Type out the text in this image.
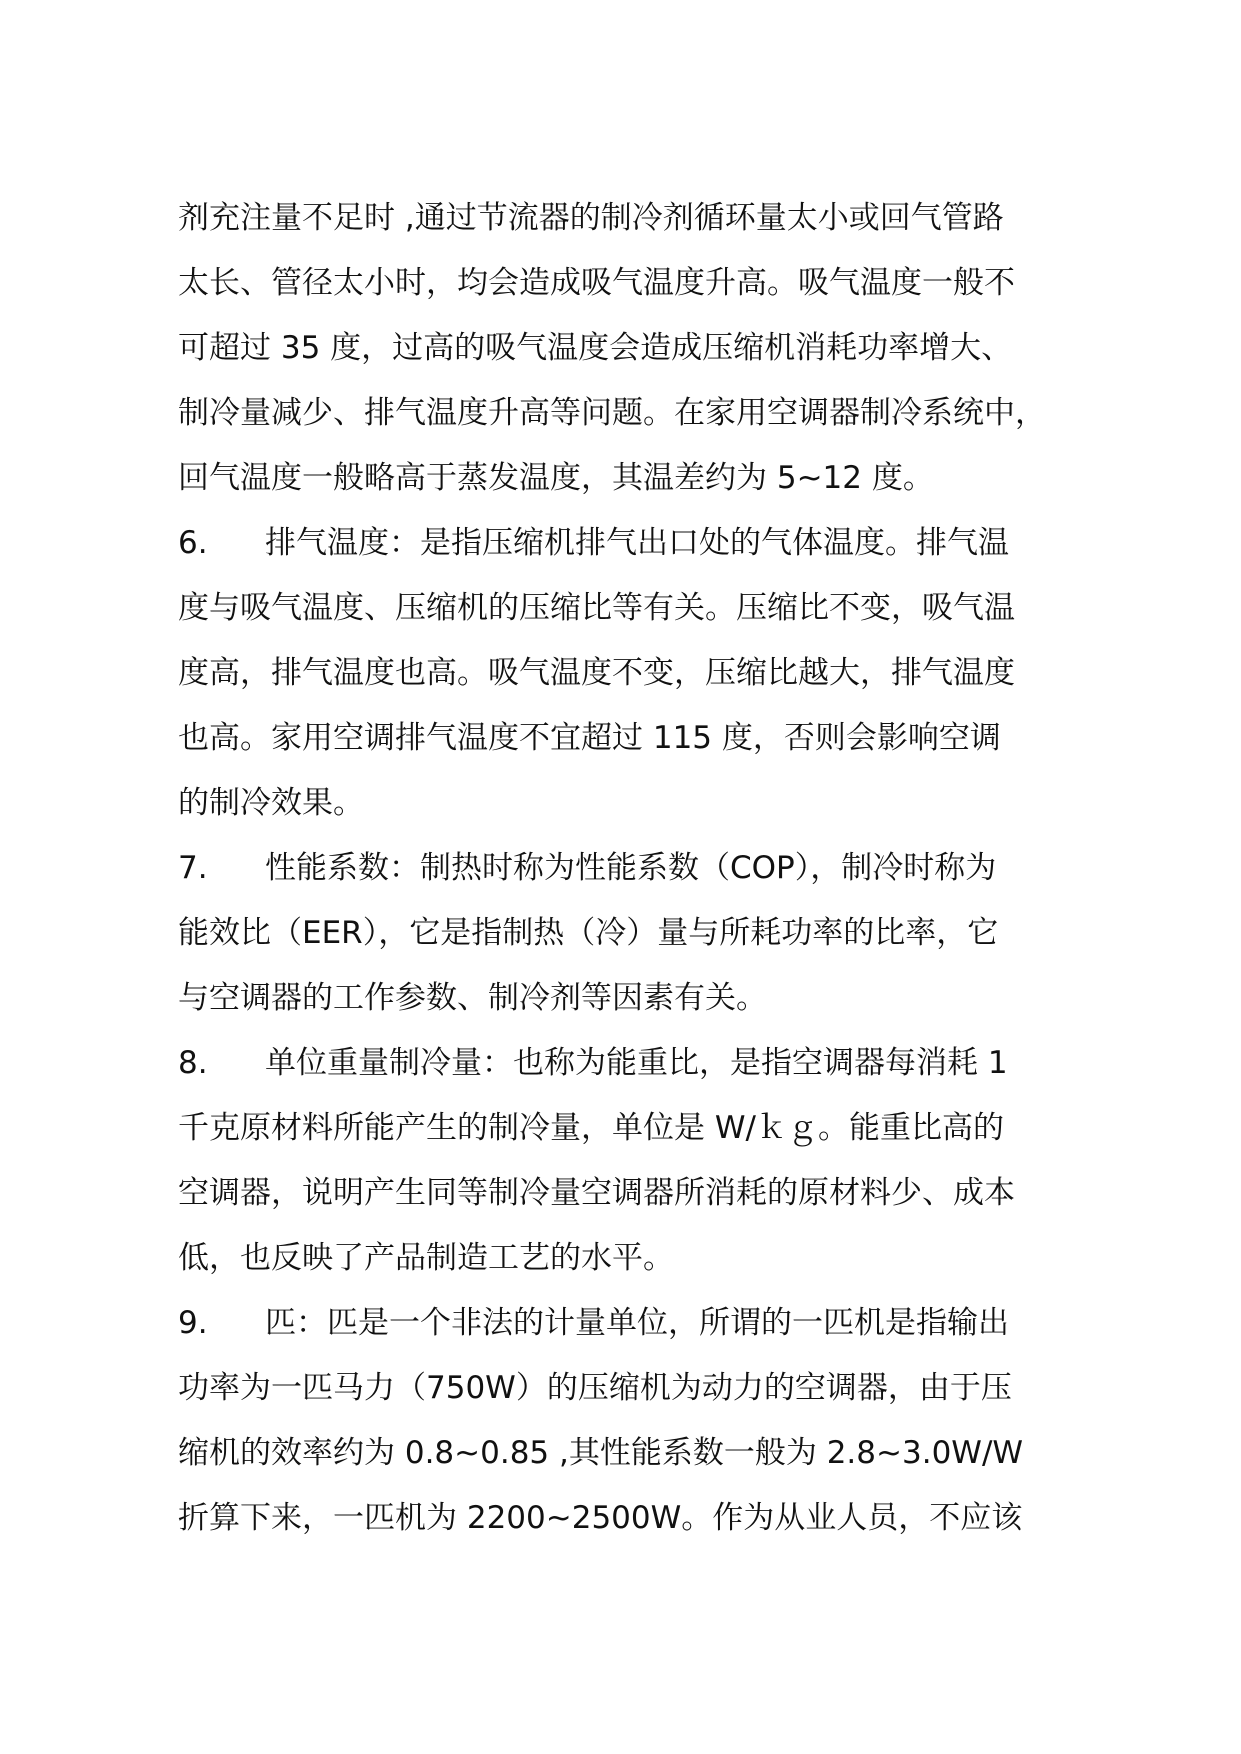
剂充注量不足时 ,通过节流器的制冷剂循环量太小或回气管路
太长、管径太小时，均会造成吸气温度升高。吸气温度一般不
可超过 35 度，过高的吸气温度会造成压缩机消耗功率增大、
制冷量减少、排气温度升高等问题。在家用空调器制冷系统中，
回气温度一般略高于蒸发温度，其温差约为 5~12 度。
6. 排气温度：是指压缩机排气出口处的气体温度。排气温
度与吸气温度、压缩机的压缩比等有关。压缩比不变，吸气温
度高，排气温度也高。吸气温度不变，压缩比越大，排气温度
也高。家用空调排气温度不宜超过 115 度，否则会影响空调
的制冷效果。
7. 性能系数：制热时称为性能系数（COP），制冷时称为
能效比（EER），它是指制热（冷）量与所耗功率的比率，它
与空调器的工作参数、制冷剂等因素有关。
8. 单位重量制冷量：也称为能重比，是指空调器每消耗 1
千克原材料所能产生的制冷量，单位是 W/ｋｇ。能重比高的
空调器，说明产生同等制冷量空调器所消耗的原材料少、成本
低，也反映了产品制造工艺的水平。
9. 匹：匹是一个非法的计量单位，所谓的一匹机是指输出
功率为一匹马力（750W）的压缩机为动力的空调器，由于压
缩机的效率约为 0.8~0.85 ,其性能系数一般为 2.8~3.0W/W
折算下来，一匹机为 2200~2500W。作为从业人员，不应该
